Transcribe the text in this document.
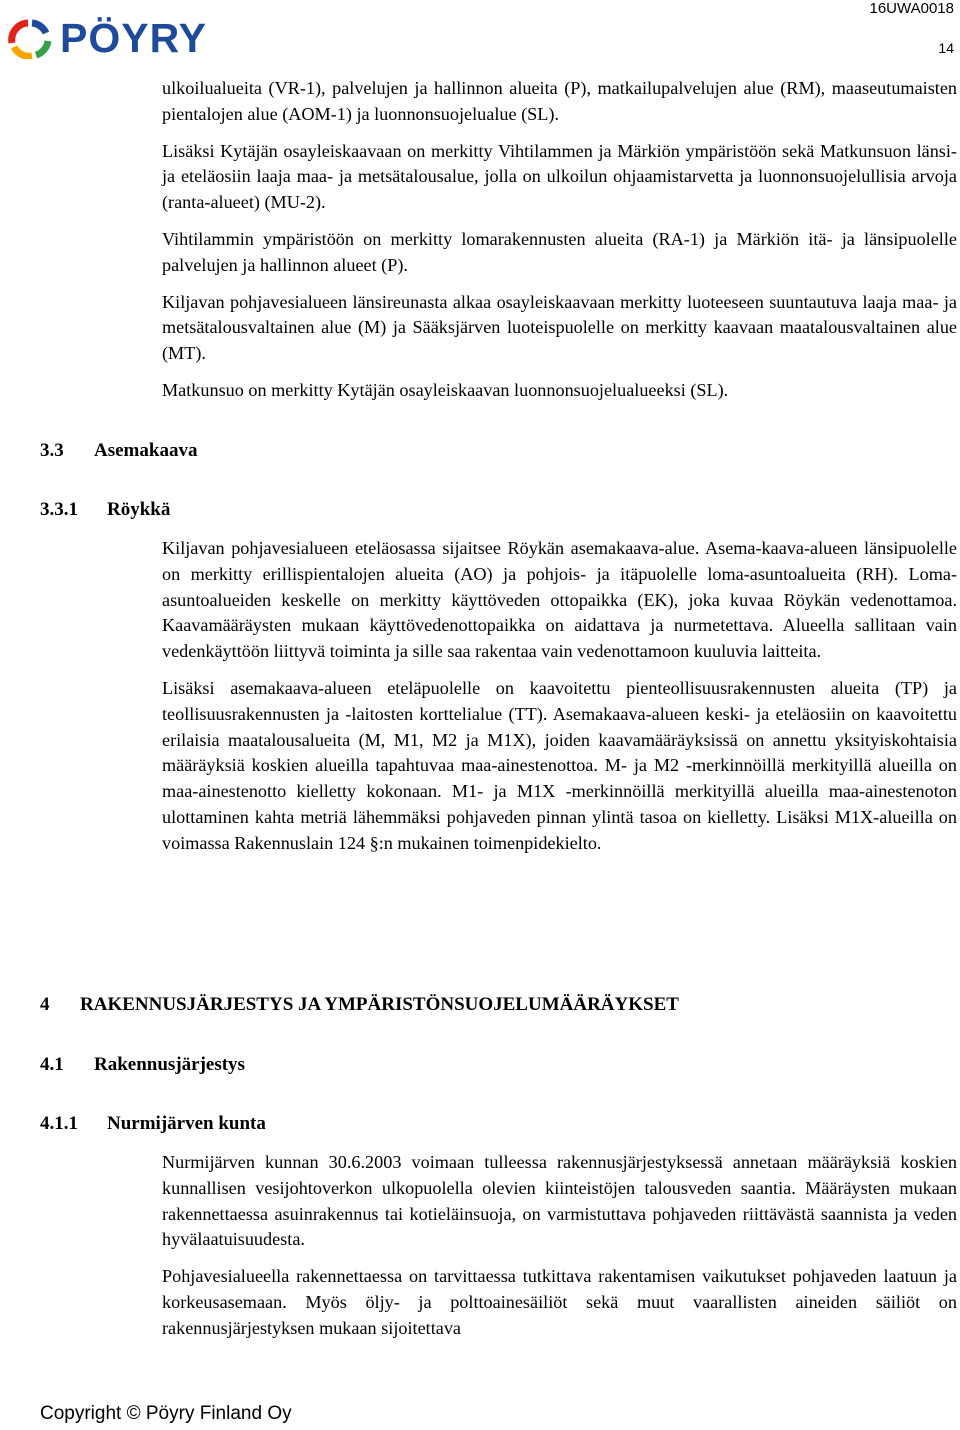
PÖYRY
16UWA0018
14

ulkoilualueita (VR-1), palvelujen ja hallinnon alueita (P), matkailupalvelujen alue (RM), maaseutumaisten pientalojen alue (AOM-1) ja luonnonsuojelualue (SL).

Lisäksi Kytäjän osayleiskaavaan on merkitty Vihtilammen ja Märkiön ympäristöön sekä Matkunsuon länsi- ja eteläosiin laaja maa- ja metsätalousalue, jolla on ulkoilun ohjaamistarvetta ja luonnonsuojelullisia arvoja (ranta-alueet) (MU-2).

Vihtilammin ympäristöön on merkitty lomarakennusten alueita (RA-1) ja Märkiön itä- ja länsipuolelle palvelujen ja hallinnon alueet (P).

Kiljavan pohjavesialueen länsireunasta alkaa osayleiskaavaan merkitty luoteeseen suuntautuva laaja maa- ja metsätalousvaltainen alue (M) ja Sääksjärven luoteispuolelle on merkitty kaavaan maatalousvaltainen alue (MT).

Matkunsuo on merkitty Kytäjän osayleiskaavan luonnonsuojelualueeksi (SL).

3.3	Asemakaava
3.3.1	Röykkä

Kiljavan pohjavesialueen eteläosassa sijaitsee Röykän asemakaava-alue. Asema-kaava-alueen länsipuolelle on merkitty erillispientalojen alueita (AO) ja pohjois- ja itäpuolelle loma-asuntoalueita (RH). Loma-asuntoalueiden keskelle on merkitty käyttöveden ottopaikka (EK), joka kuvaa Röykän vedenottamoa. Kaavamääräysten mukaan käyttövedenottopaikka on aidattava ja nurmetettava. Alueella sallitaan vain vedenkäyttöön liittyvä toiminta ja sille saa rakentaa vain vedenottamoon kuuluvia laitteita.

Lisäksi asemakaava-alueen eteläpuolelle on kaavoitettu pienteollisuusrakennusten alueita (TP) ja teollisuusrakennusten ja -laitosten korttelialue (TT). Asemakaava-alueen keski- ja eteläosiin on kaavoitettu erilaisia maatalousalueita (M, M1, M2 ja M1X), joiden kaavamääräyksissä on annettu yksityiskohtaisia määräyksiä koskien alueilla tapahtuvaa maa-ainestenottoa. M- ja M2 -merkinnöillä merkityillä alueilla on maa-ainestenotto kielletty kokonaan. M1- ja M1X -merkinnöillä merkityillä alueilla maa-ainestenoton ulottaminen kahta metriä lähemmäksi pohjaveden pinnan ylintä tasoa on kielletty. Lisäksi M1X-alueilla on voimassa Rakennuslain 124 §:n mukainen toimenpidekielto.

4	RAKENNUSJÄRJESTYS JA YMPÄRISTÖNSUOJELUMÄÄRÄYKSET
4.1	Rakennusjärjestys
4.1.1	Nurmijärven kunta

Nurmijärven kunnan 30.6.2003 voimaan tulleessa rakennusjärjestyksessä annetaan määräyksiä koskien kunnallisen vesijohtoverkon ulkopuolella olevien kiinteistöjen talousveden saantia. Määräysten mukaan rakennettaessa asuinrakennus tai kotieläinsuoja, on varmistuttava pohjaveden riittävästä saannista ja veden hyvälaatuisuudesta.

Pohjavesialueella rakennettaessa on tarvittaessa tutkittava rakentamisen vaikutukset pohjaveden laatuun ja korkeusasemaan. Myös öljy- ja polttoainesäiliöt sekä muut vaarallisten aineiden säiliöt on rakennusjärjestyksen mukaan sijoitettava

Copyright © Pöyry Finland Oy
